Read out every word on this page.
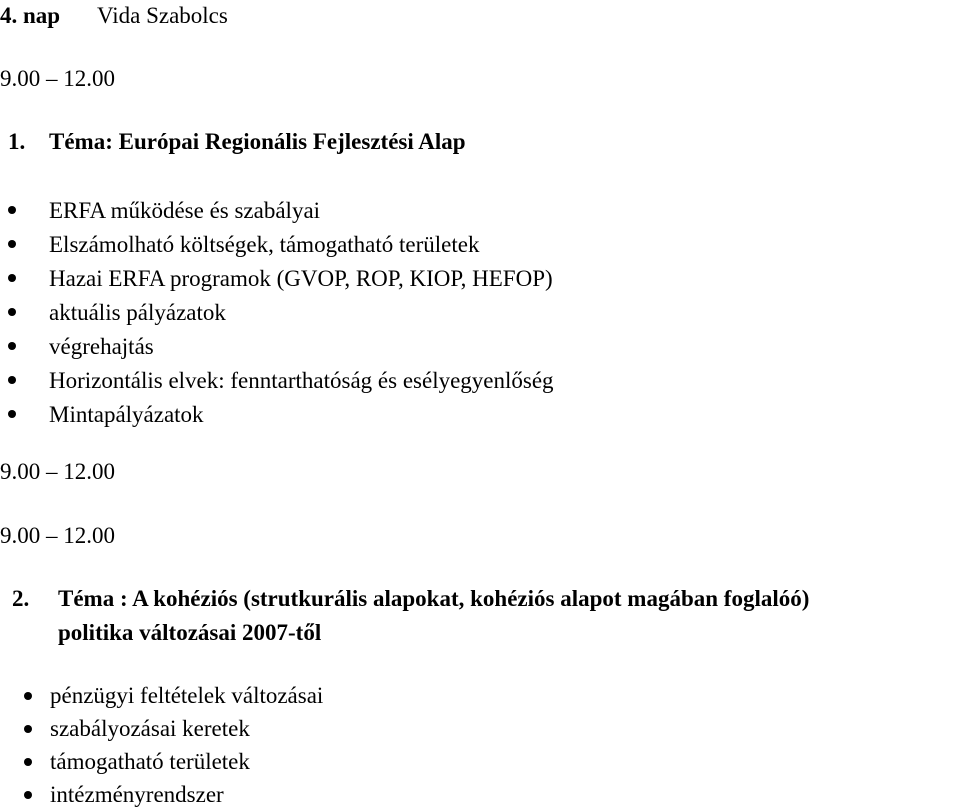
4. nap Vida Szabolcs
9.00 – 12.00
1. Téma: Európai Regionális Fejlesztési Alap
ERFA működése és szabályai
Elszámolható költségek, támogatható területek
Hazai ERFA programok (GVOP, ROP, KIOP, HEFOP)
aktuális pályázatok
végrehajtás
Horizontális elvek: fenntarthatóság és esélyegyenlőség
Mintapályázatok
9.00 – 12.00
9.00 – 12.00
2. Téma : A kohéziós (strutkurális alapokat, kohéziós alapot magában foglalóó)
politika változásai 2007-től
pénzügyi feltételek változásai
szabályozásai keretek
támogatható területek
intézményrendszer
